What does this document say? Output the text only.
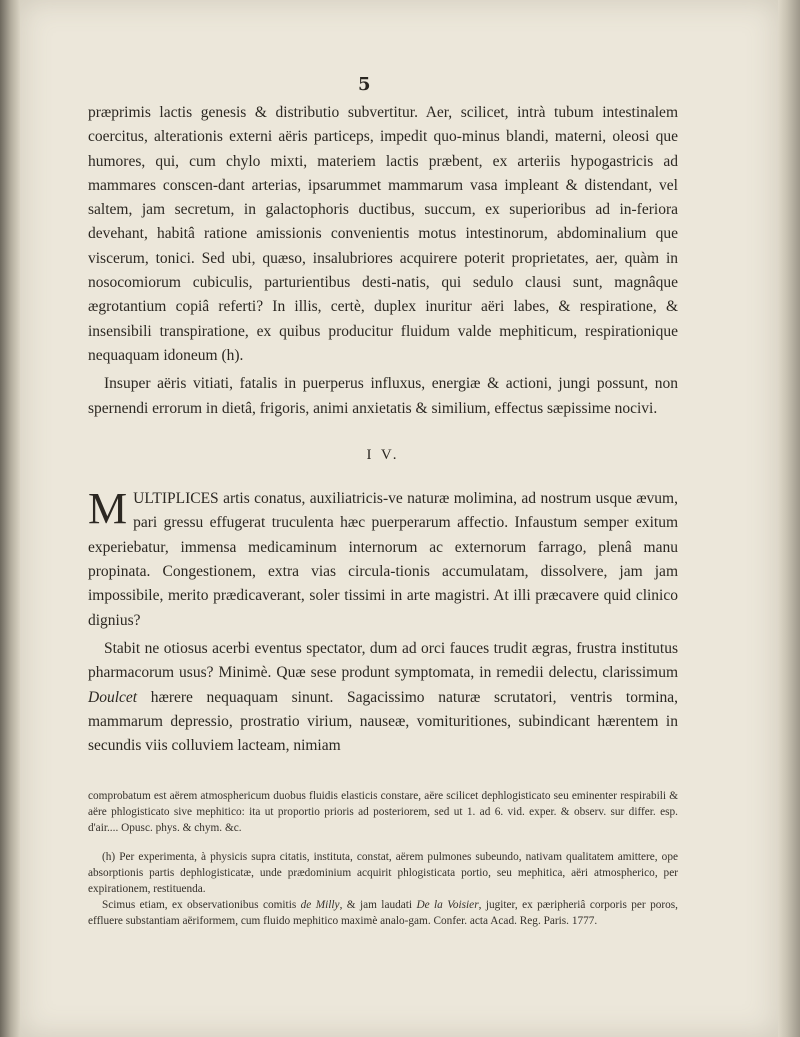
5

præprimis lactis genesis & distributio subvertitur. Aer, scilicet, intrà tubum intestinalem coercitus, alterationis externi aëris particeps, impedit quo-minus blandi, materni, oleosi que humores, qui, cum chylo mixti, materiem lactis præbent, ex arteriis hypogastricis ad mammares conscen-dant arterias, ipsarummet mammarum vasa impleant & distendant, vel saltem, jam secretum, in galactophoris ductibus, succum, ex superioribus ad in-feriora devehant, habitâ ratione amissionis convenientis motus intestinorum, abdominalium que viscerum, tonici. Sed ubi, quæso, insalubriores acquirere poterit proprietates, aer, quàm in nosocomiorum cubiculis, parturientibus desti-natis, qui sedulo clausi sunt, magnâque ægrotantium copiâ referti? In illis, certè, duplex inuritur aëri labes, & respiratione, & insensibili transpiratione, ex quibus producitur fluidum valde mephiticum, respirationique nequaquam idoneum (h).

Insuper aëris vitiati, fatalis in puerperus influxus, energiæ & actioni, jungi possunt, non spernendi errorum in dietâ, frigoris, animi anxietatis & similium, effectus sæpissime nocivi.

I V.

MULTIPLICES artis conatus, auxiliatricis-ve naturæ molimina, ad nostrum usque ævum, pari gressu effugerat truculenta hæc puerperarum affectio. Infaustum semper exitum experiebatur, immensa medicaminum internorum ac externorum farrago, plenâ manu propinata. Congestionem, extra vias circula-tionis accumulatam, dissolvere, jam jam impossibile, merito prædicaverant, soler tissimi in arte magistri. At illi præcavere quid clinico dignius?

Stabit ne otiosus acerbi eventus spectator, dum ad orci fauces trudit ægras, frustra institutus pharmacorum usus? Minimè. Quæ sese produnt symptomata, in remedii delectu, clarissimum Doulcet hærere nequaquam sinunt. Sagacissimo naturæ scrutatori, ventris tormina, mammarum depressio, prostratio virium, nauseæ, vomituritiones, subindicant hærentem in secundis viis colluviem lacteam, nimiam

comprobatum est aërem atmosphericum duobus fluidis elasticis constare, aëre scilicet dephlogisticato seu eminenter respirabili & aëre phlogisticato sive mephitico: ita ut proportio prioris ad posteriorem, sed ut 1. ad 6. vid. exper. & observ. sur differ. esp. d'air.... Opusc. phys. & chym. &c.

(h) Per experimenta, à physicis supra citatis, instituta, constat, aërem pulmones subeundo, nativam qualitatem amittere, ope absorptionis partis dephlogisticatæ, unde prædominium acquirit phlogisticata portio, seu mephitica, aëri atmospherico, per expirationem, restituenda.

Scimus etiam, ex observationibus comitis de Milly, & jam laudati De la Voisier, jugiter, ex pæripheriâ corporis per poros, effluere substantiam aëriformem, cum fluido mephitico maximè analo-gam. Confer. acta Acad. Reg. Paris. 1777.
